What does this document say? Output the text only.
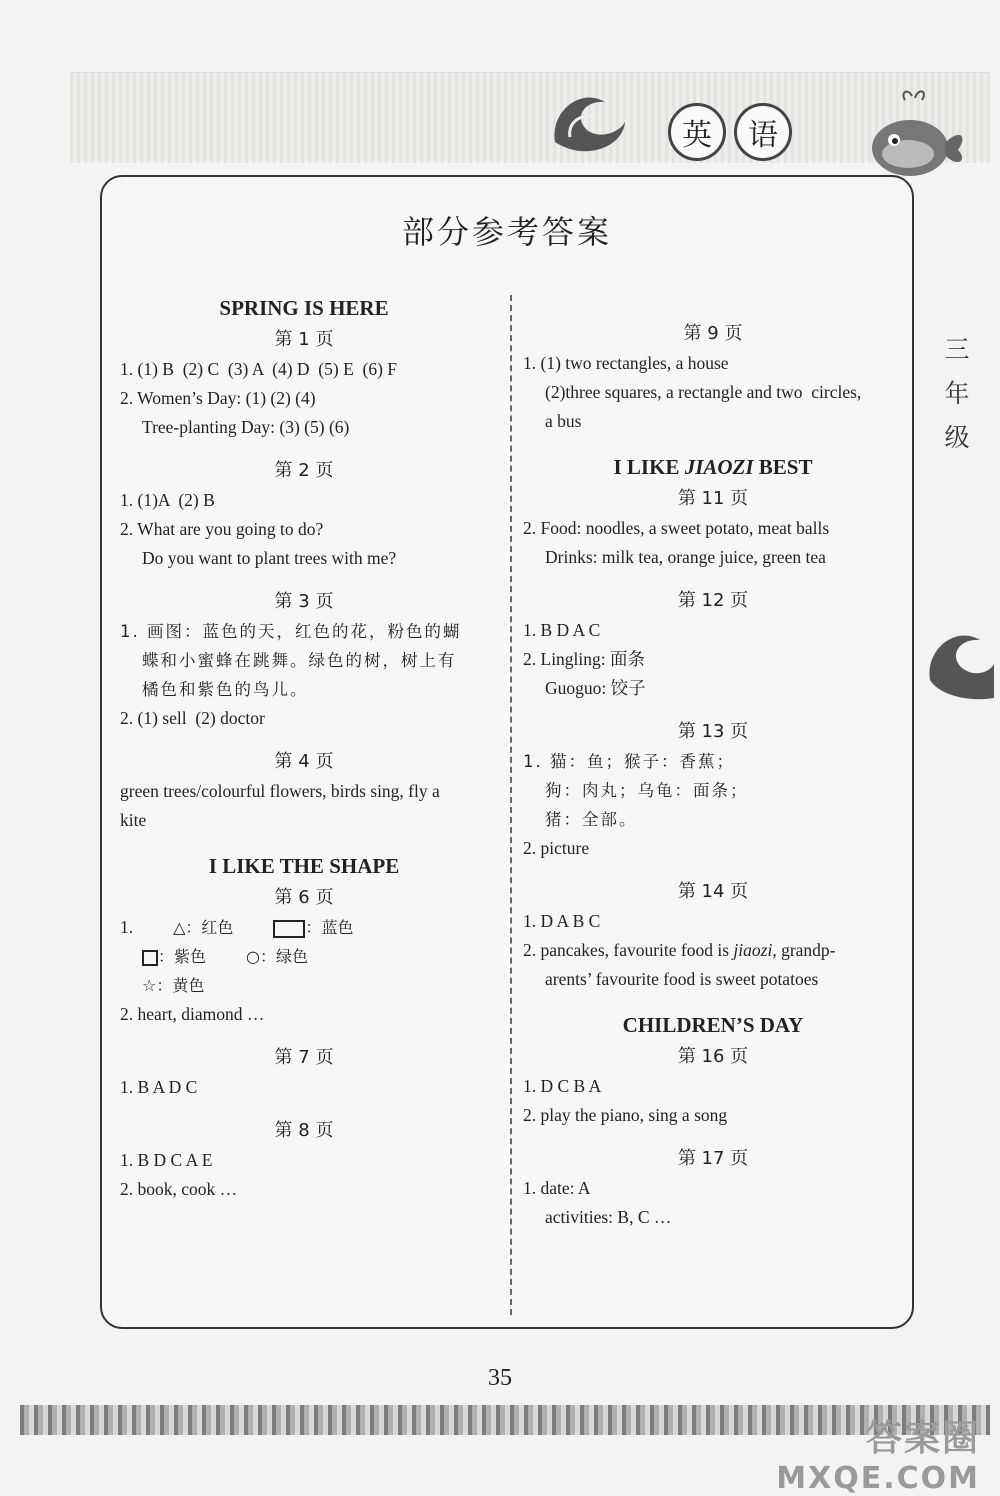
英	语
三
年
级
部分参考答案
SPRING IS HERE
第 1 页
1. (1) B  (2) C  (3) A  (4) D  (5) E  (6) F
2. Women’s Day: (1) (2) (4)
Tree-planting Day: (3) (5) (6)
第 2 页
1. (1)A  (2) B
2. What are you going to do?
Do you want to plant trees with me?
第 3 页
1. 画图：蓝色的天，红色的花，粉色的蝴
蝶和小蜜蜂在跳舞。绿色的树，树上有
橘色和紫色的鸟儿。
2. (1) sell  (2) doctor
第 4 页
green trees/colourful flowers, birds sing, fly a
kite
I LIKE THE SHAPE
第 6 页
1.	△：红色	：蓝色
：紫色	○：绿色
☆：黄色
2. heart, diamond …
第 7 页
1. B A D C
第 8 页
1. B D C A E
2. book, cook …
第 9 页
1. (1) two rectangles, a house
(2)three squares, a rectangle and two  circles,
a bus
I LIKE JIAOZI BEST
第 11 页
2. Food: noodles, a sweet potato, meat balls
Drinks: milk tea, orange juice, green tea
第 12 页
1. B D A C
2. Lingling: 面条
Guoguo: 饺子
第 13 页
1. 猫：鱼；猴子：香蕉；
狗：肉丸；乌龟：面条；
猪：全部。
2. picture
第 14 页
1. D A B C
2. pancakes, favourite food is jiaozi, grandp-
arents’ favourite food is sweet potatoes
CHILDREN’S DAY
第 16 页
1. D C B A
2. play the piano, sing a song
第 17 页
1. date: A
activities: B, C …
35
答案圈
MXQE.COM
